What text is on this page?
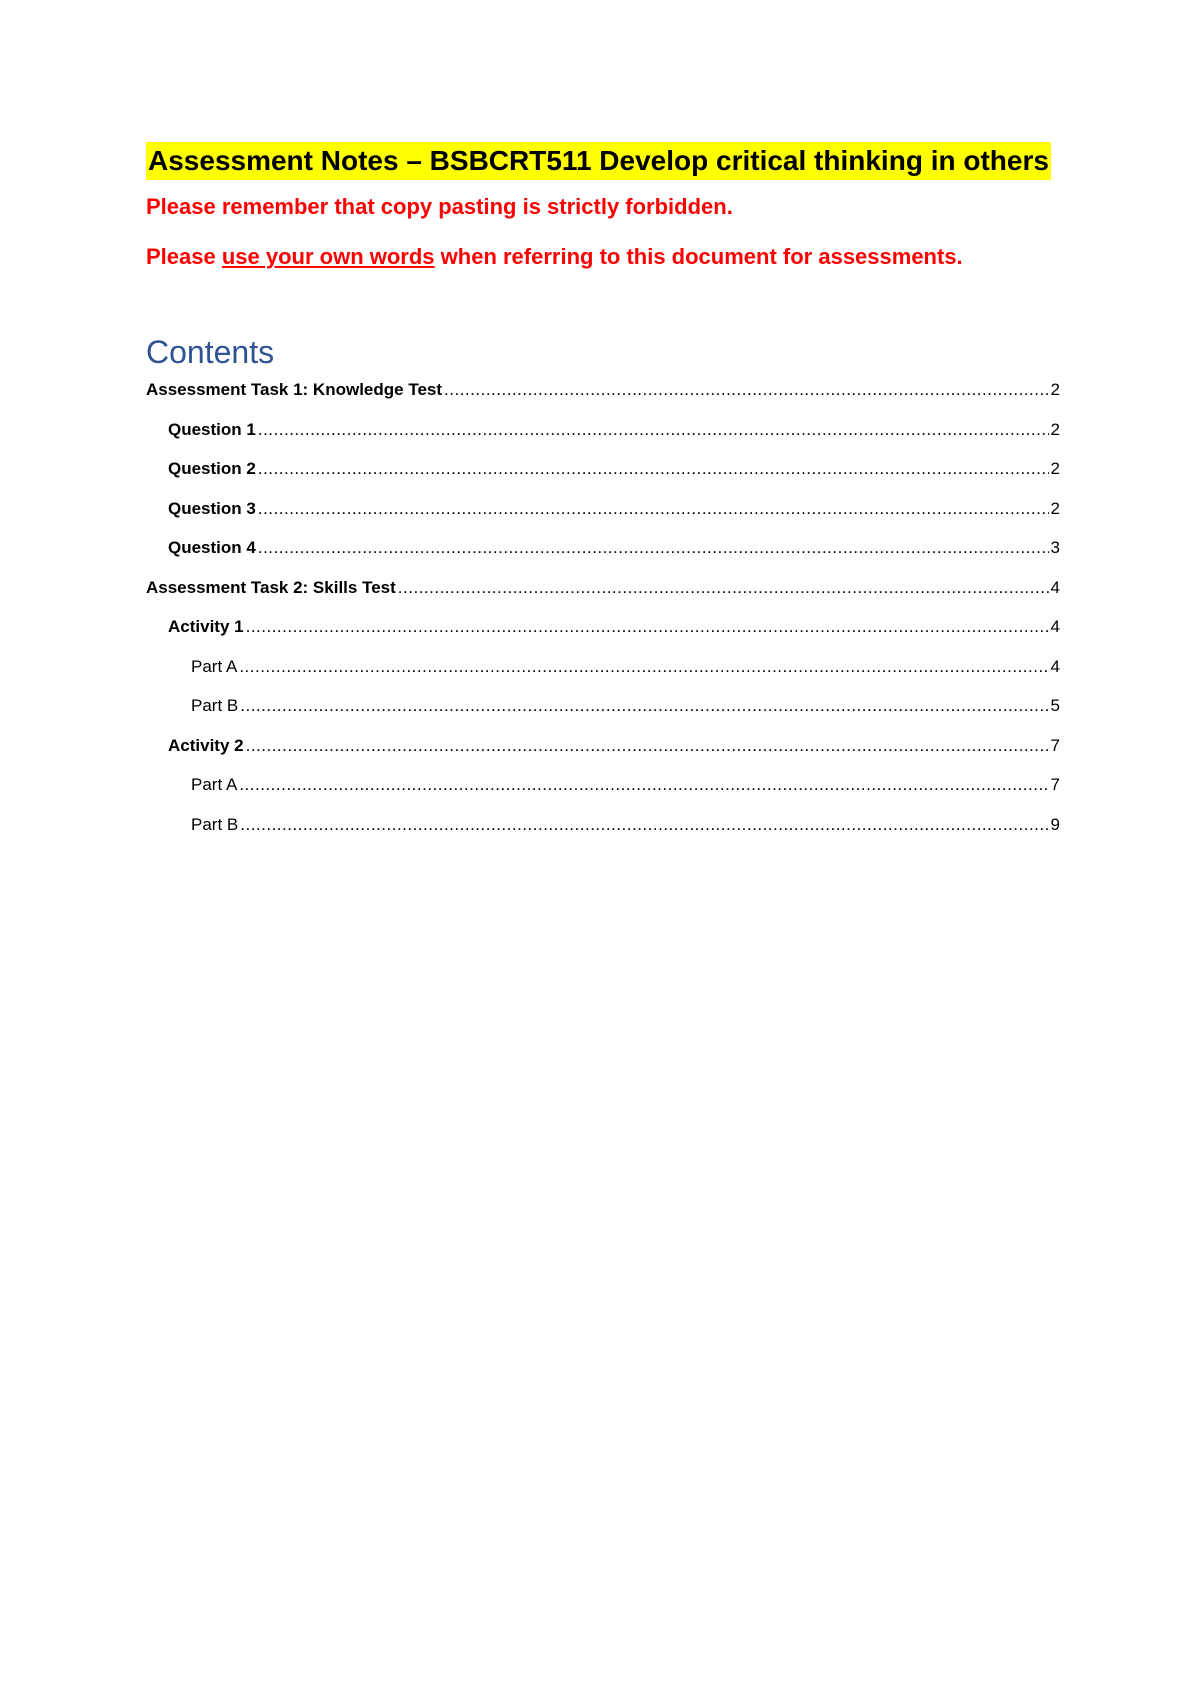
Assessment Notes – BSBCRT511 Develop critical thinking in others

Please remember that copy pasting is strictly forbidden.

Please use your own words when referring to this document for assessments.

Contents
Assessment Task 1: Knowledge Test .....	2
Question 1 .....	2
Question 2 .....	2
Question 3 .....	2
Question 4 .....	3
Assessment Task 2: Skills Test .....	4
Activity 1 .....	4
Part A .....	4
Part B .....	5
Activity 2 .....	7
Part A .....	7
Part B .....	9
